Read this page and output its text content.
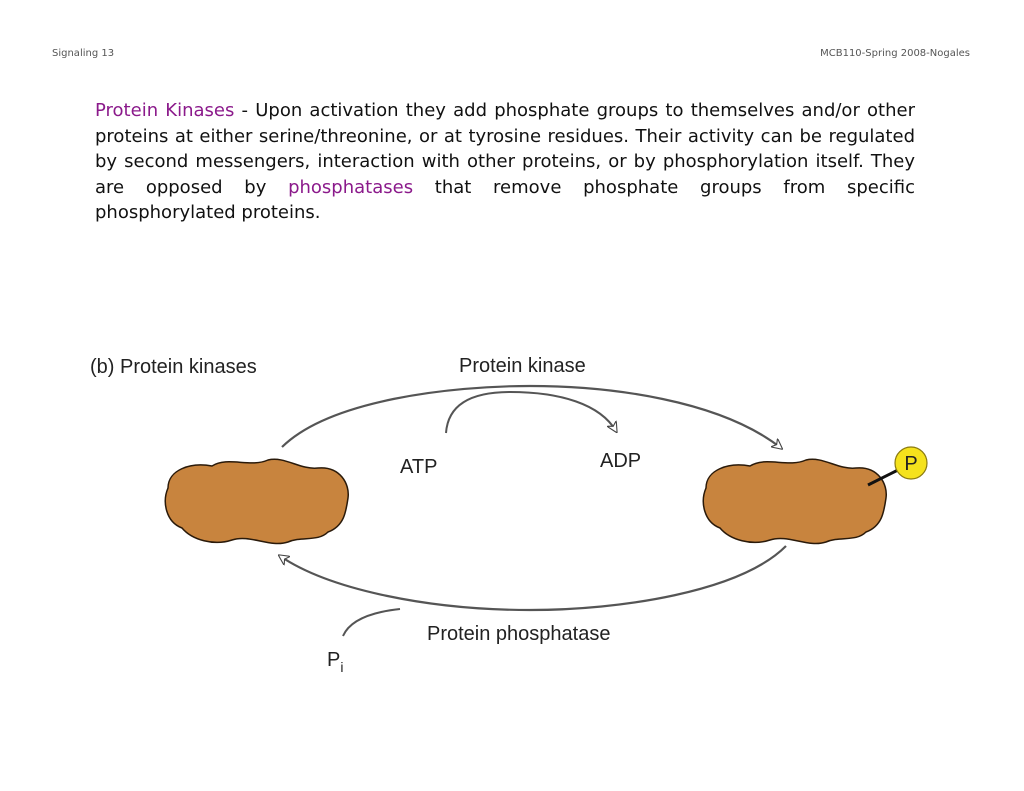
Signaling 13	MCB110-Spring 2008-Nogales

Protein Kinases - Upon activation they add phosphate groups to themselves and/or other proteins at either serine/threonine, or at tyrosine residues. Their activity can be regulated by second messengers, interaction with other proteins, or by phosphorylation itself. They are opposed by phosphatases that remove phosphate groups from specific phosphorylated proteins.

(b) Protein kinases	Protein kinase
ATP	ADP
Protein phosphatase
$P_i$
P
